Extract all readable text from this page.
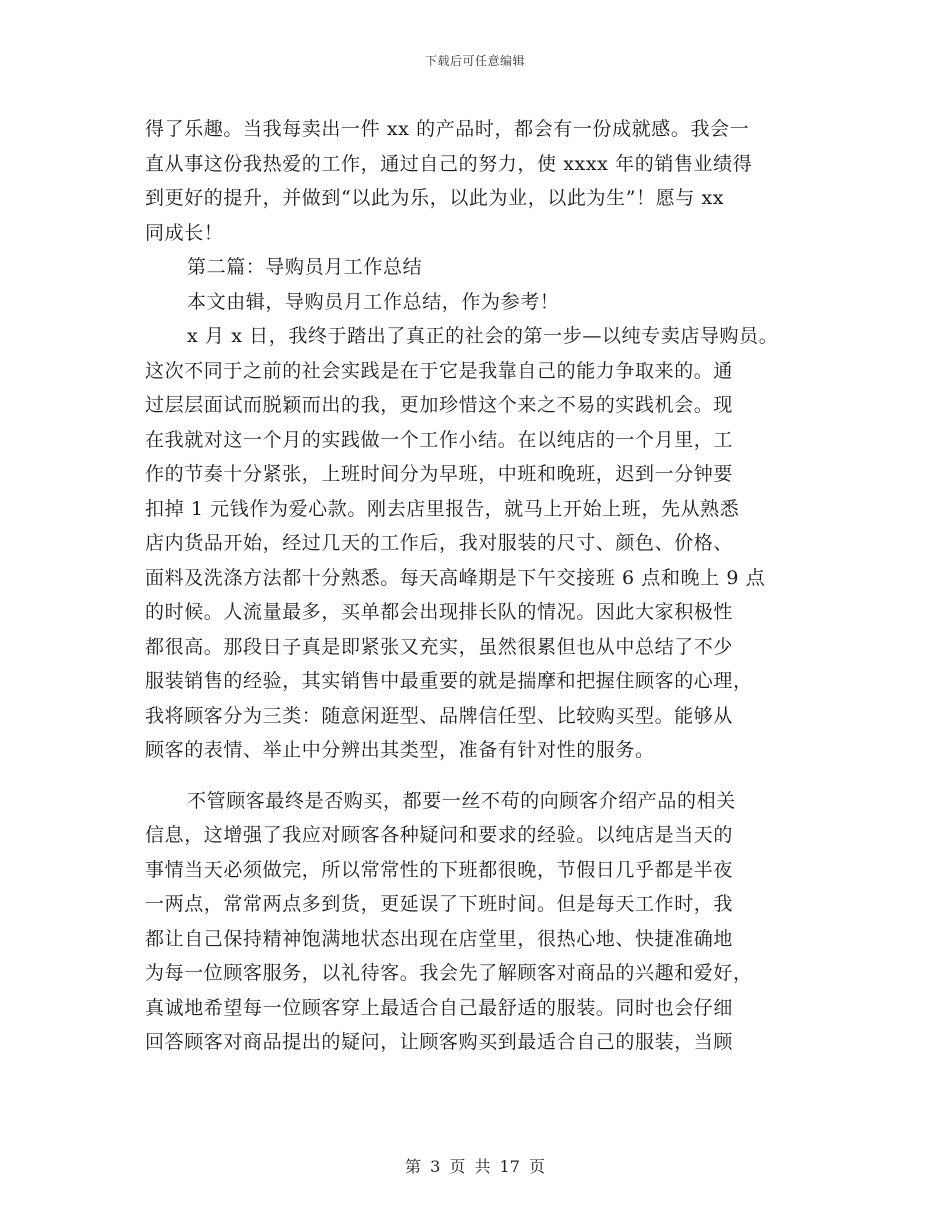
下载后可任意编辑
得了乐趣。当我每卖出一件 xx 的产品时，都会有一份成就感。我会一
直从事这份我热爱的工作，通过自己的努力，使 xxxx 年的销售业绩得
到更好的提升，并做到“以此为乐，以此为业，以此为生”！愿与 xx
同成长！
第二篇：导购员月工作总结
本文由辑，导购员月工作总结，作为参考！
x 月 x 日，我终于踏出了真正的社会的第一步—以纯专卖店导购员。
这次不同于之前的社会实践是在于它是我靠自己的能力争取来的。通
过层层面试而脱颖而出的我，更加珍惜这个来之不易的实践机会。现
在我就对这一个月的实践做一个工作小结。在以纯店的一个月里，工
作的节奏十分紧张，上班时间分为早班，中班和晚班，迟到一分钟要
扣掉 1 元钱作为爱心款。刚去店里报告，就马上开始上班，先从熟悉
店内货品开始，经过几天的工作后，我对服装的尺寸、颜色、价格、
面料及洗涤方法都十分熟悉。每天高峰期是下午交接班 6 点和晚上 9 点
的时候。人流量最多，买单都会出现排长队的情况。因此大家积极性
都很高。那段日子真是即紧张又充实，虽然很累但也从中总结了不少
服装销售的经验，其实销售中最重要的就是揣摩和把握住顾客的心理，
我将顾客分为三类：随意闲逛型、品牌信任型、比较购买型。能够从
顾客的表情、举止中分辨出其类型，准备有针对性的服务。
不管顾客最终是否购买，都要一丝不苟的向顾客介绍产品的相关
信息，这增强了我应对顾客各种疑问和要求的经验。以纯店是当天的
事情当天必须做完，所以常常性的下班都很晚，节假日几乎都是半夜
一两点，常常两点多到货，更延误了下班时间。但是每天工作时，我
都让自己保持精神饱满地状态出现在店堂里，很热心地、快捷准确地
为每一位顾客服务，以礼待客。我会先了解顾客对商品的兴趣和爱好，
真诚地希望每一位顾客穿上最适合自己最舒适的服装。同时也会仔细
回答顾客对商品提出的疑问，让顾客购买到最适合自己的服装，当顾
第 3 页 共 17 页
